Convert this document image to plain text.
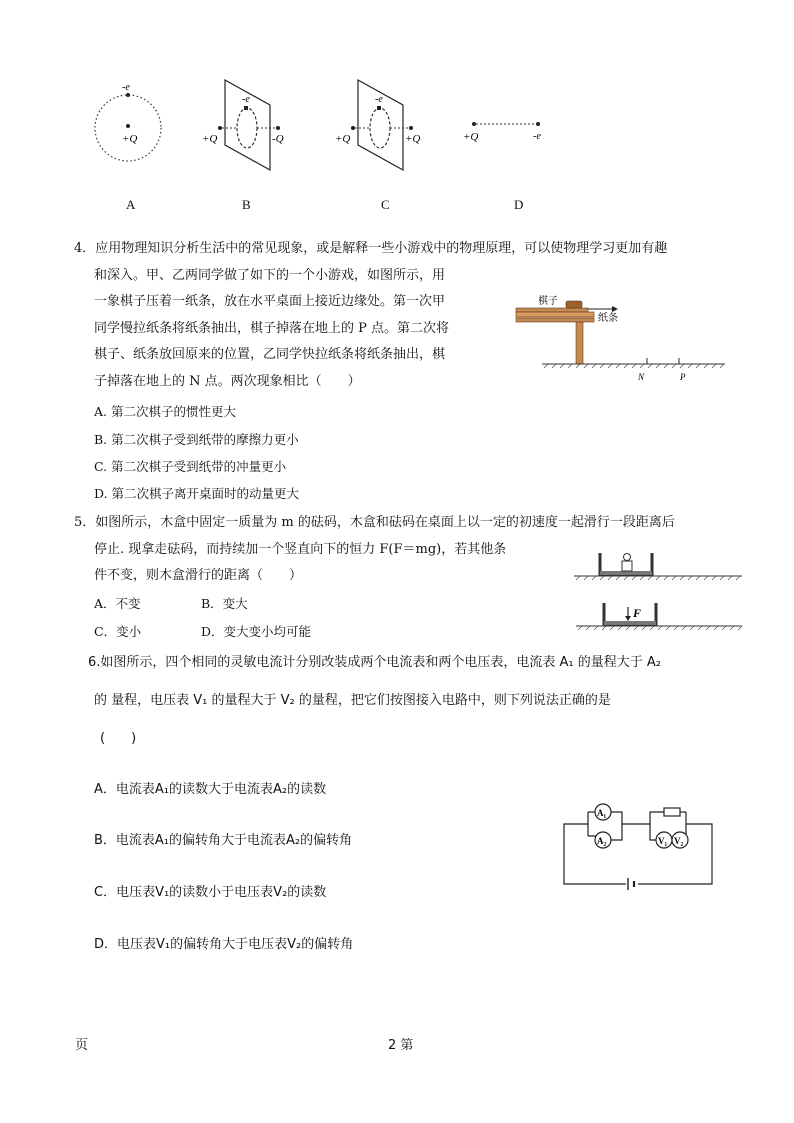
-e
+Q
-e
+Q	-Q
-e
+Q	+Q	+Q	-e
A	B	C	D
4．应用物理知识分析生活中的常见现象，或是解释一些小游戏中的物理原理，可以使物理学习更加有趣
和深入。甲、乙两同学做了如下的一个小游戏，如图所示，用
一象棋子压着一纸条，放在水平桌面上接近边缘处。第一次甲
同学慢拉纸条将纸条抽出，棋子掉落在地上的 P 点。第二次将
棋子、纸条放回原来的位置，乙同学快拉纸条将纸条抽出，棋
子掉落在地上的 N 点。两次现象相比（　　）
A. 第二次棋子的惯性更大
B. 第二次棋子受到纸带的摩擦力更小
C. 第二次棋子受到纸带的冲量更小
D. 第二次棋子离开桌面时的动量更大
棋子
纸条
N	P
5．如图所示，木盒中固定一质量为 m 的砝码，木盒和砝码在桌面上以一定的初速度一起滑行一段距离后
停止. 现拿走砝码，而持续加一个竖直向下的恒力 F(F＝mg)，若其他条
件不变，则木盒滑行的距离（　　）
A．不变	B．变大
C．变小	D．变大变小均可能
F
6.如图所示，四个相同的灵敏电流计分别改装成两个电流表和两个电压表，电流表 A₁ 的量程大于 A₂
的 量程，电压表 V₁ 的量程大于 V₂ 的量程，把它们按图接入电路中，则下列说法正确的是
(　　)
A．电流表A₁的读数大于电流表A₂的读数
B．电流表A₁的偏转角大于电流表A₂的偏转角
C．电压表V₁的读数小于电压表V₂的读数
D．电压表V₁的偏转角大于电压表V₂的偏转角
A₁
A₂	V₁ V₂
页	2 第
